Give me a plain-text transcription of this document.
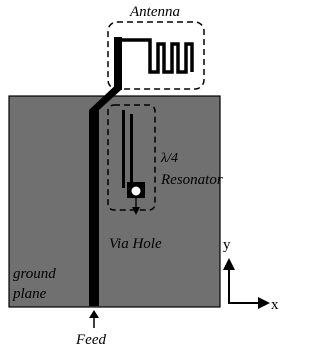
Antenna
λ/4
Resonator
Via Hole
ground
plane
Feed
y
x
